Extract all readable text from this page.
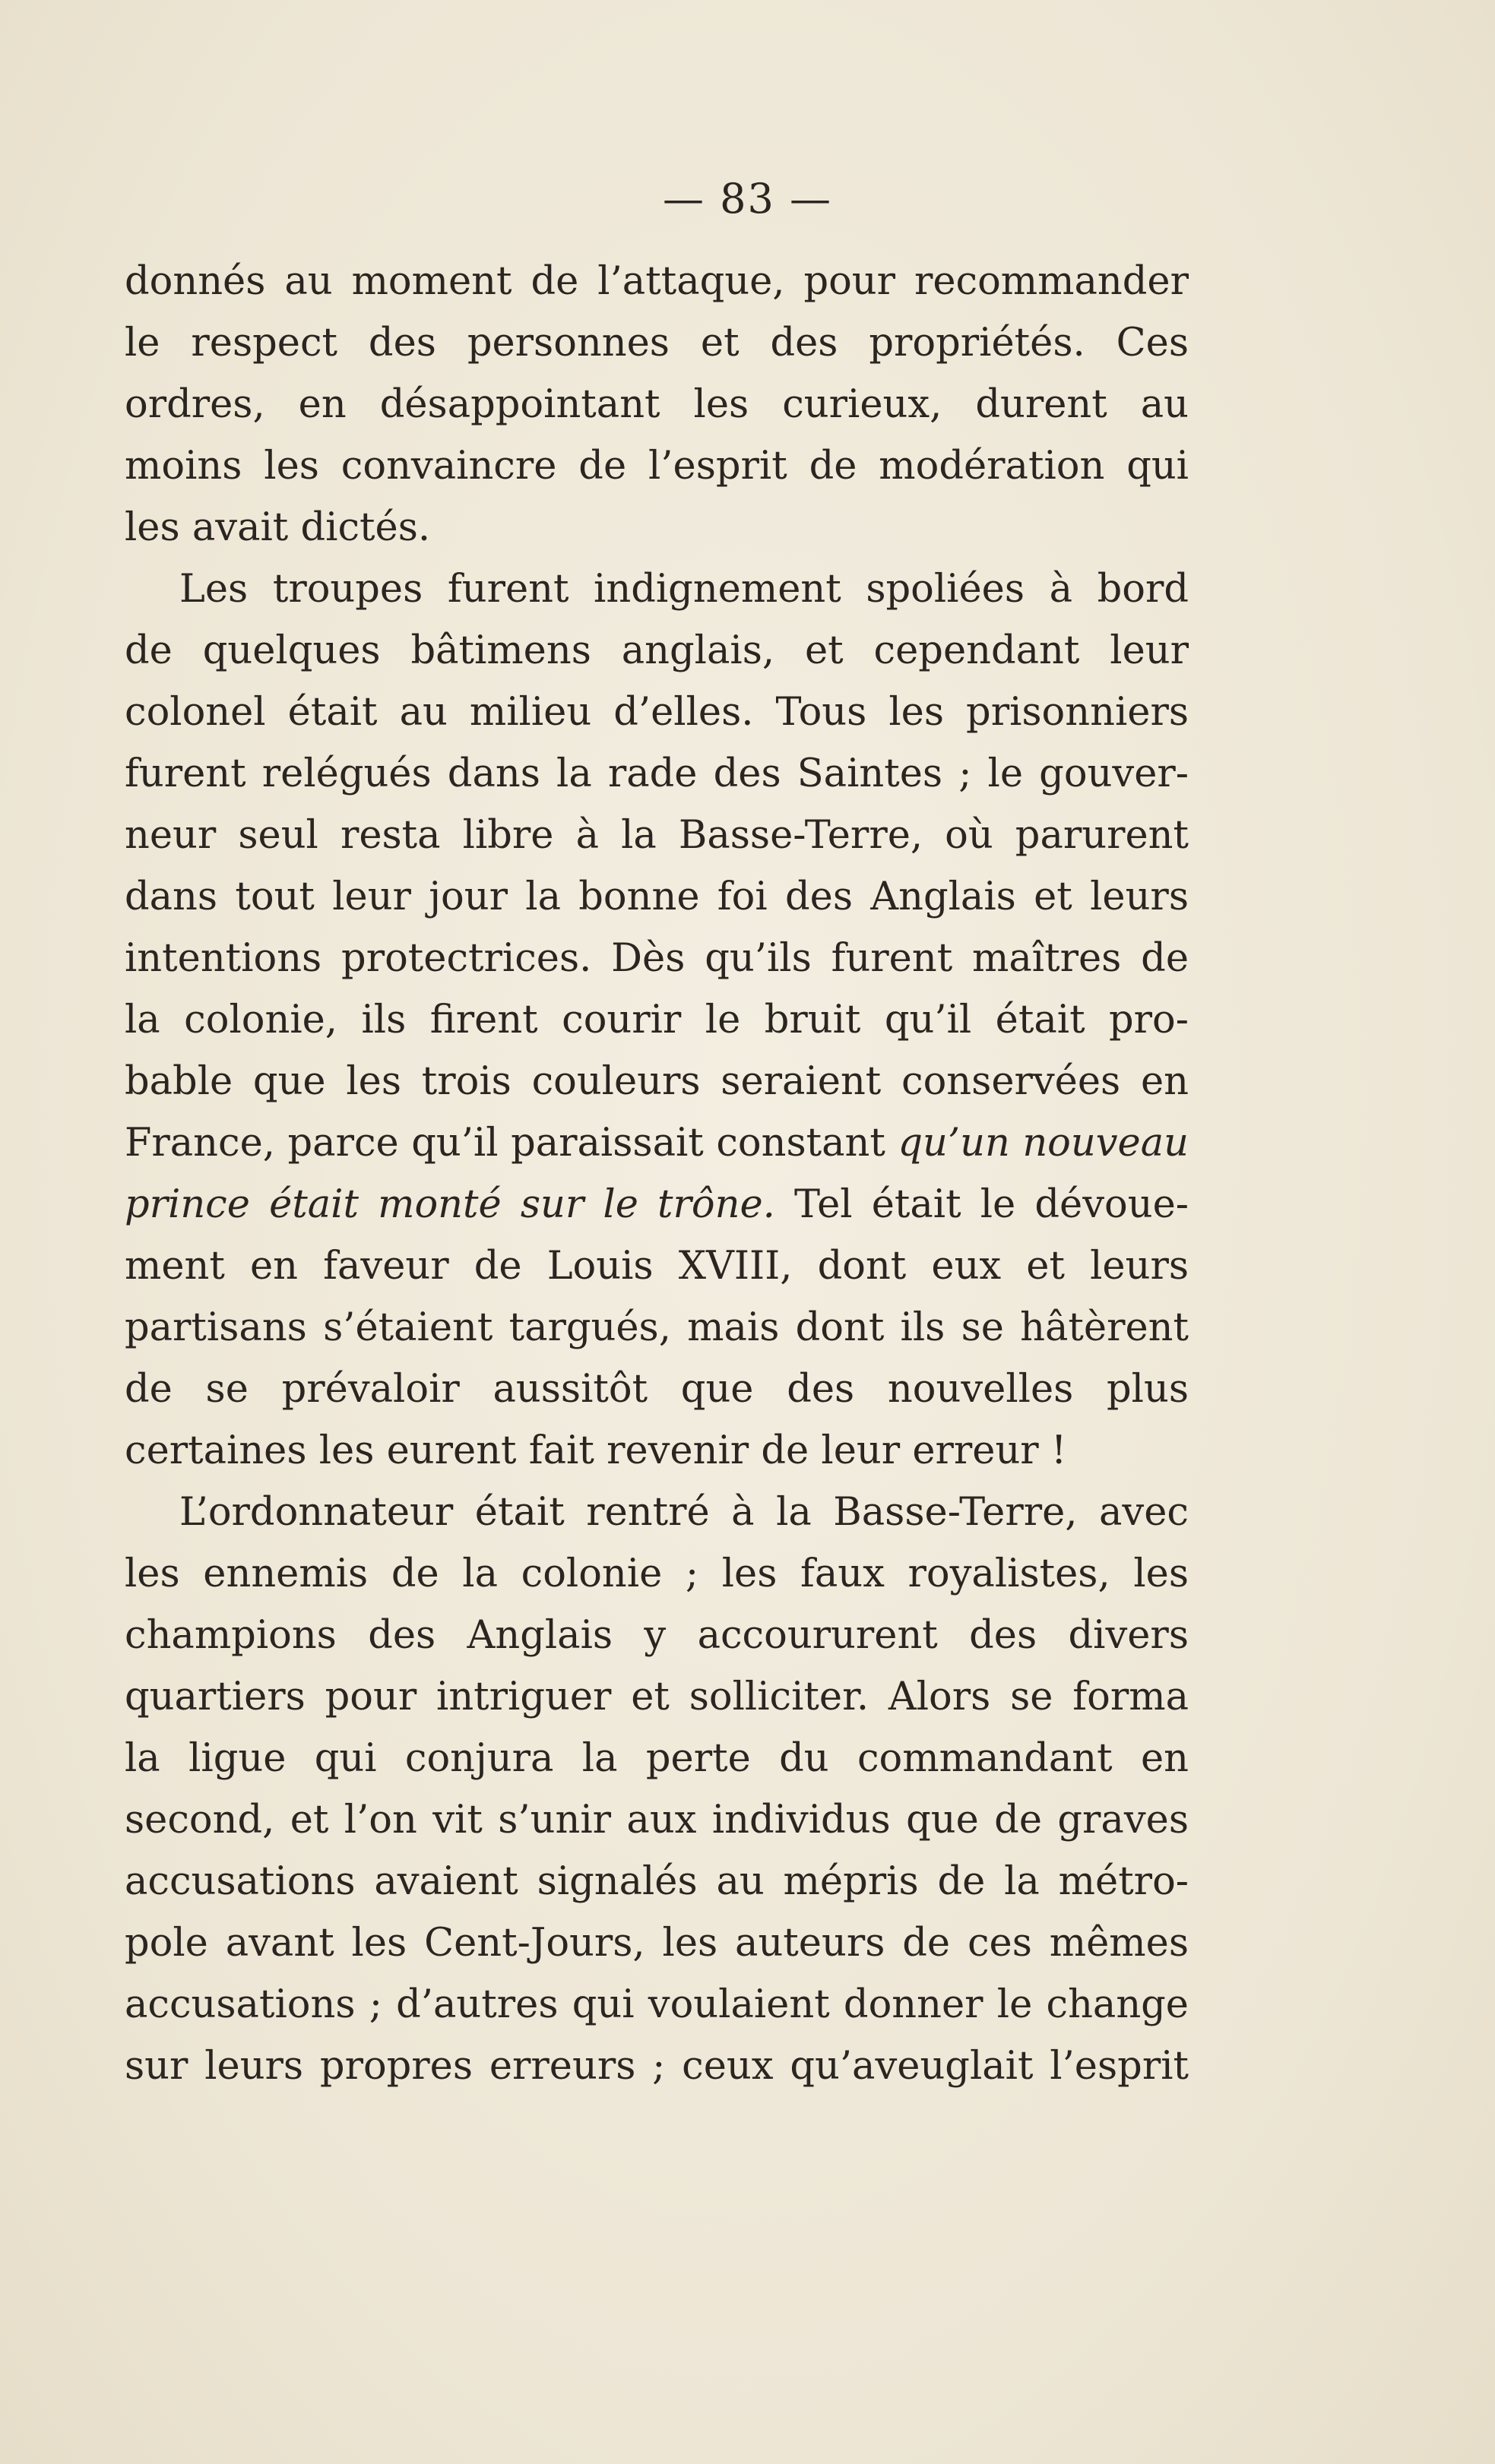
— 83 —
donnés au moment de l’attaque, pour recommander
le respect des personnes et des propriétés. Ces
ordres, en désappointant les curieux, durent au
moins les convaincre de l’esprit de modération qui
les avait dictés.
Les troupes furent indignement spoliées à bord
de quelques bâtimens anglais, et cependant leur
colonel était au milieu d’elles. Tous les prisonniers
furent relégués dans la rade des Saintes ; le gouver-
neur seul resta libre à la Basse-Terre, où parurent
dans tout leur jour la bonne foi des Anglais et leurs
intentions protectrices. Dès qu’ils furent maîtres de
la colonie, ils firent courir le bruit qu’il était pro-
bable que les trois couleurs seraient conservées en
France, parce qu’il paraissait constant qu’un nouveau
prince était monté sur le trône. Tel était le dévoue-
ment en faveur de Louis XVIII, dont eux et leurs
partisans s’étaient targués, mais dont ils se hâtèrent
de se prévaloir aussitôt que des nouvelles plus
certaines les eurent fait revenir de leur erreur !
L’ordonnateur était rentré à la Basse-Terre, avec
les ennemis de la colonie ; les faux royalistes, les
champions des Anglais y accoururent des divers
quartiers pour intriguer et solliciter. Alors se forma
la ligue qui conjura la perte du commandant en
second, et l’on vit s’unir aux individus que de graves
accusations avaient signalés au mépris de la métro-
pole avant les Cent-Jours, les auteurs de ces mêmes
accusations ; d’autres qui voulaient donner le change
sur leurs propres erreurs ; ceux qu’aveuglait l’esprit
